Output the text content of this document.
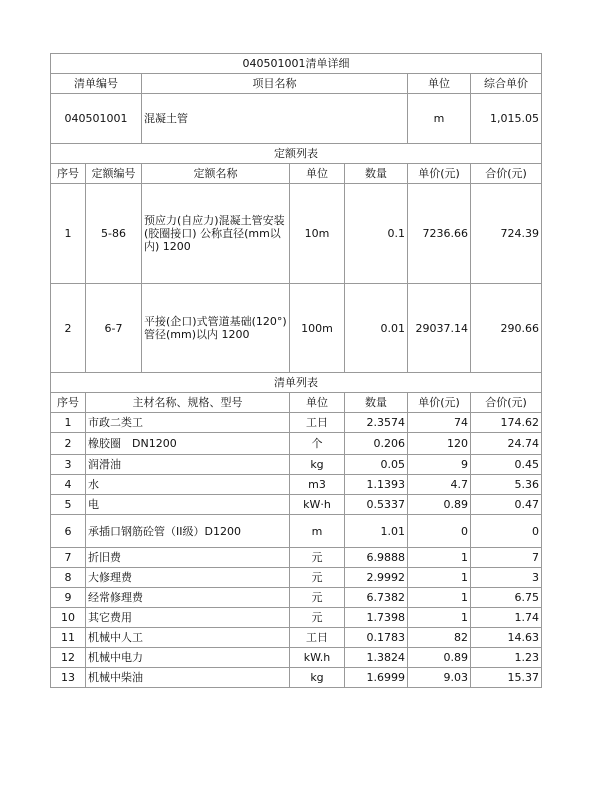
040501001清单详细						
清单编号		项目名称			单位	综合单价
040501001		混凝土管			m	1,015.05
定额列表						
序号	定额编号	定额名称	单位	数量	单价(元)	合价(元)
1	5-86	预应力(自应力)混凝土管安装(胶圈接口) 公称直径(mm以内) 1200	10m	0.1	7236.66	724.39
2	6-7	平接(企口)式管道基础(120°) 管径(mm)以内 1200	100m	0.01	29037.14	290.66
清单列表						
序号	主材名称、规格、型号		单位	数量	单价(元)	合价(元)
1	市政二类工		工日	2.3574	74	174.62
2	橡胶圈　DN1200		个	0.206	120	24.74
3	润滑油		kg	0.05	9	0.45
4	水		m3	1.1393	4.7	5.36
5	电		kW·h	0.5337	0.89	0.47
6	承插口钢筋砼管（II级）D1200		m	1.01	0	0
7	折旧费		元	6.9888	1	7
8	大修理费		元	2.9992	1	3
9	经常修理费		元	6.7382	1	6.75
10	其它费用		元	1.7398	1	1.74
11	机械中人工		工日	0.1783	82	14.63
12	机械中电力		kW.h	1.3824	0.89	1.23
13	机械中柴油		kg	1.6999	9.03	15.37
